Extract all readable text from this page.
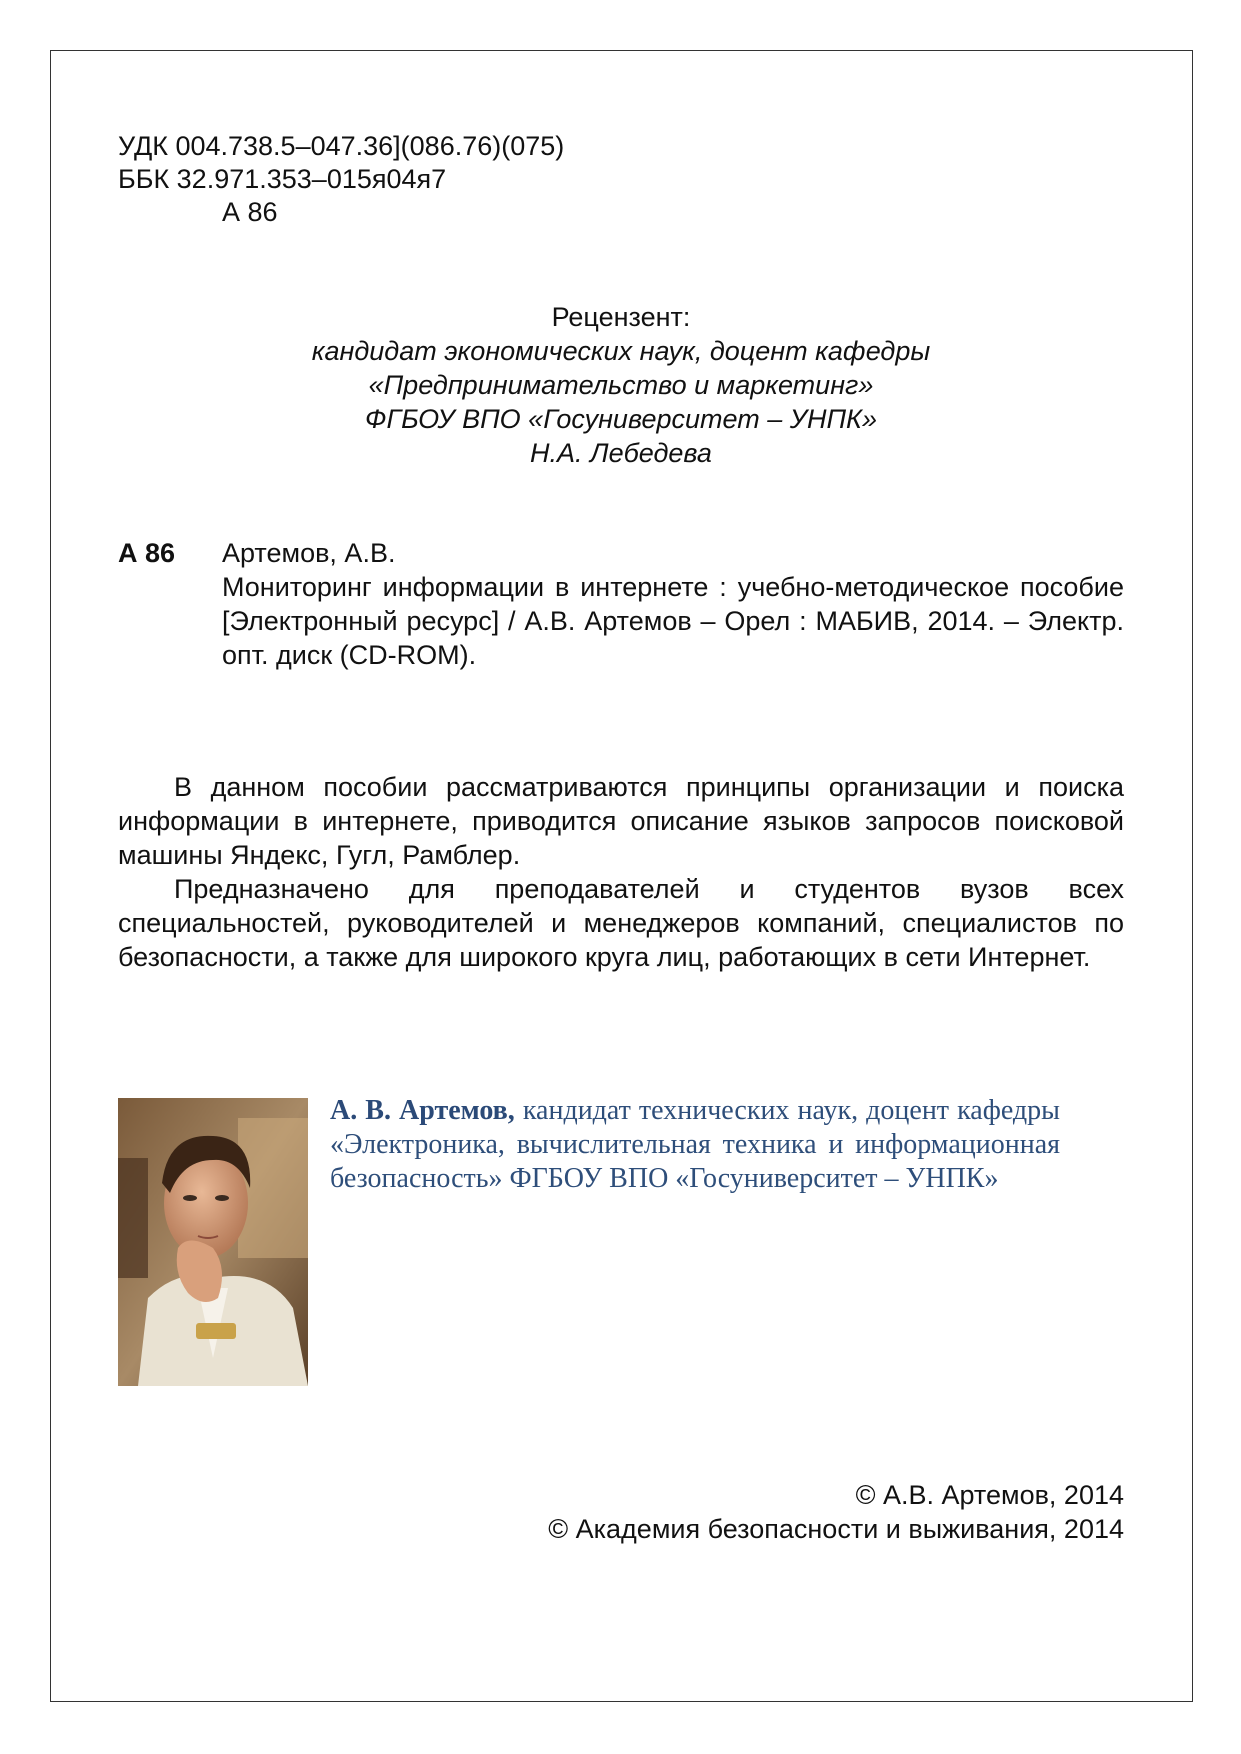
УДК 004.738.5–047.36](086.76)(075)
ББК 32.971.353–015я04я7
А 86
Рецензент:
кандидат экономических наук, доцент кафедры
«Предпринимательство и маркетинг»
ФГБОУ ВПО «Госуниверситет – УНПК»
Н.А. Лебедева
А 86 Артемов, А.В.
Мониторинг информации в интернете : учебно-методическое пособие [Электронный ресурс] / А.В. Артемов – Орел : МАБИВ, 2014. – Электр. опт. диск (CD-ROM).

В данном пособии рассматриваются принципы организации и поиска информации в интернете, приводится описание языков запросов поисковой машины Яндекс, Гугл, Рамблер.

Предназначено для преподавателей и студентов вузов всех специальностей, руководителей и менеджеров компаний, специалистов по безопасности, а также для широкого круга лиц, работающих в сети Интернет.

А. В. Артемов, кандидат технических наук, доцент кафедры «Электроника, вычислительная техника и информационная безопасность» ФГБОУ ВПО «Госуниверситет – УНПК»
© А.В. Артемов, 2014
© Академия безопасности и выживания, 2014
